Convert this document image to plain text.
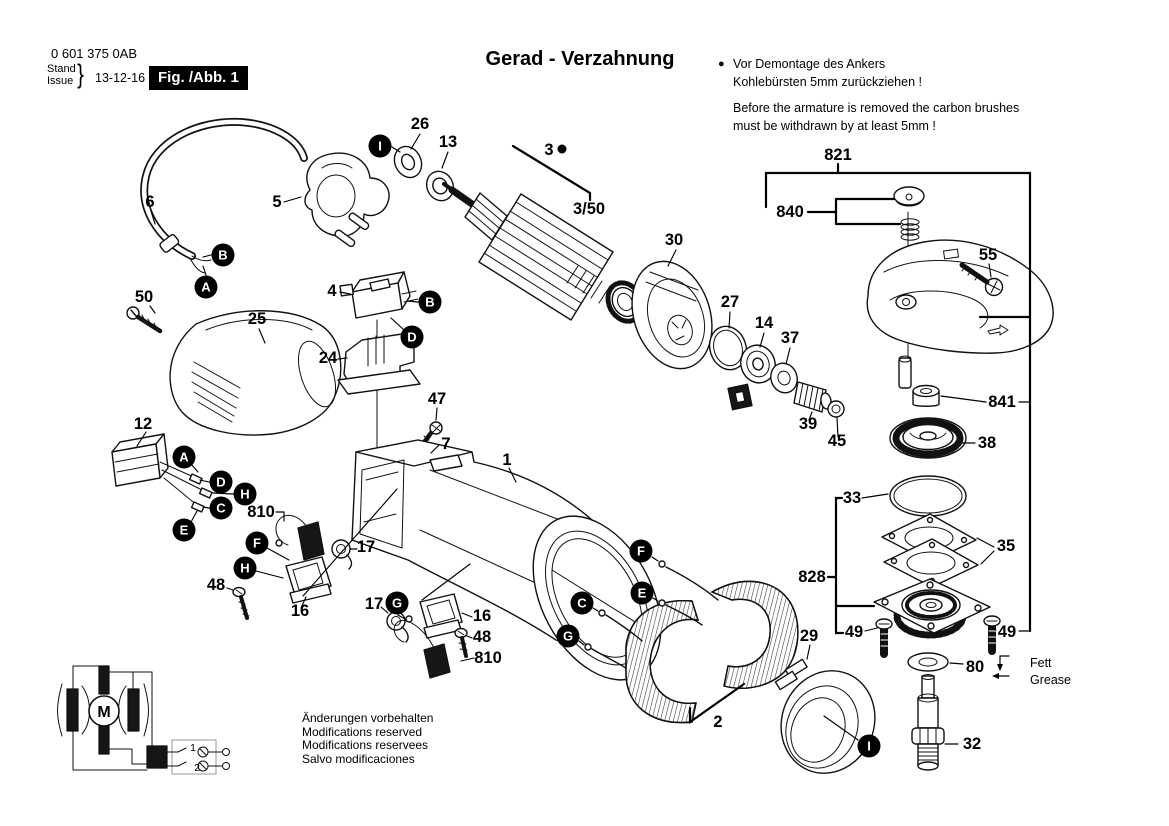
26
13	3
3/50
30
27
14
37
39
45
821
840
55
841
38
33
35
828
49	49
80
32
29
2
5
6
50
25
4
24
47
7
1
12
810
17
48
16	17
16
48
810
M
1
2
Fett
Grease
I
B
A
B
D
A
D
H
C
E
F
H
G
F
E
C
G
I
0 601 375 0AB
Stand
Issue } 13-12-16 Fig. /Abb. 1
Gerad - Verzahnung	● Vor Demontage des Ankers
Kohlebürsten 5mm zurückziehen !
Before the armature is removed the carbon brushes
must be withdrawn by at least 5mm !
Änderungen vorbehalten
Modifications reserved
Modifications reservees
Salvo modificaciones
